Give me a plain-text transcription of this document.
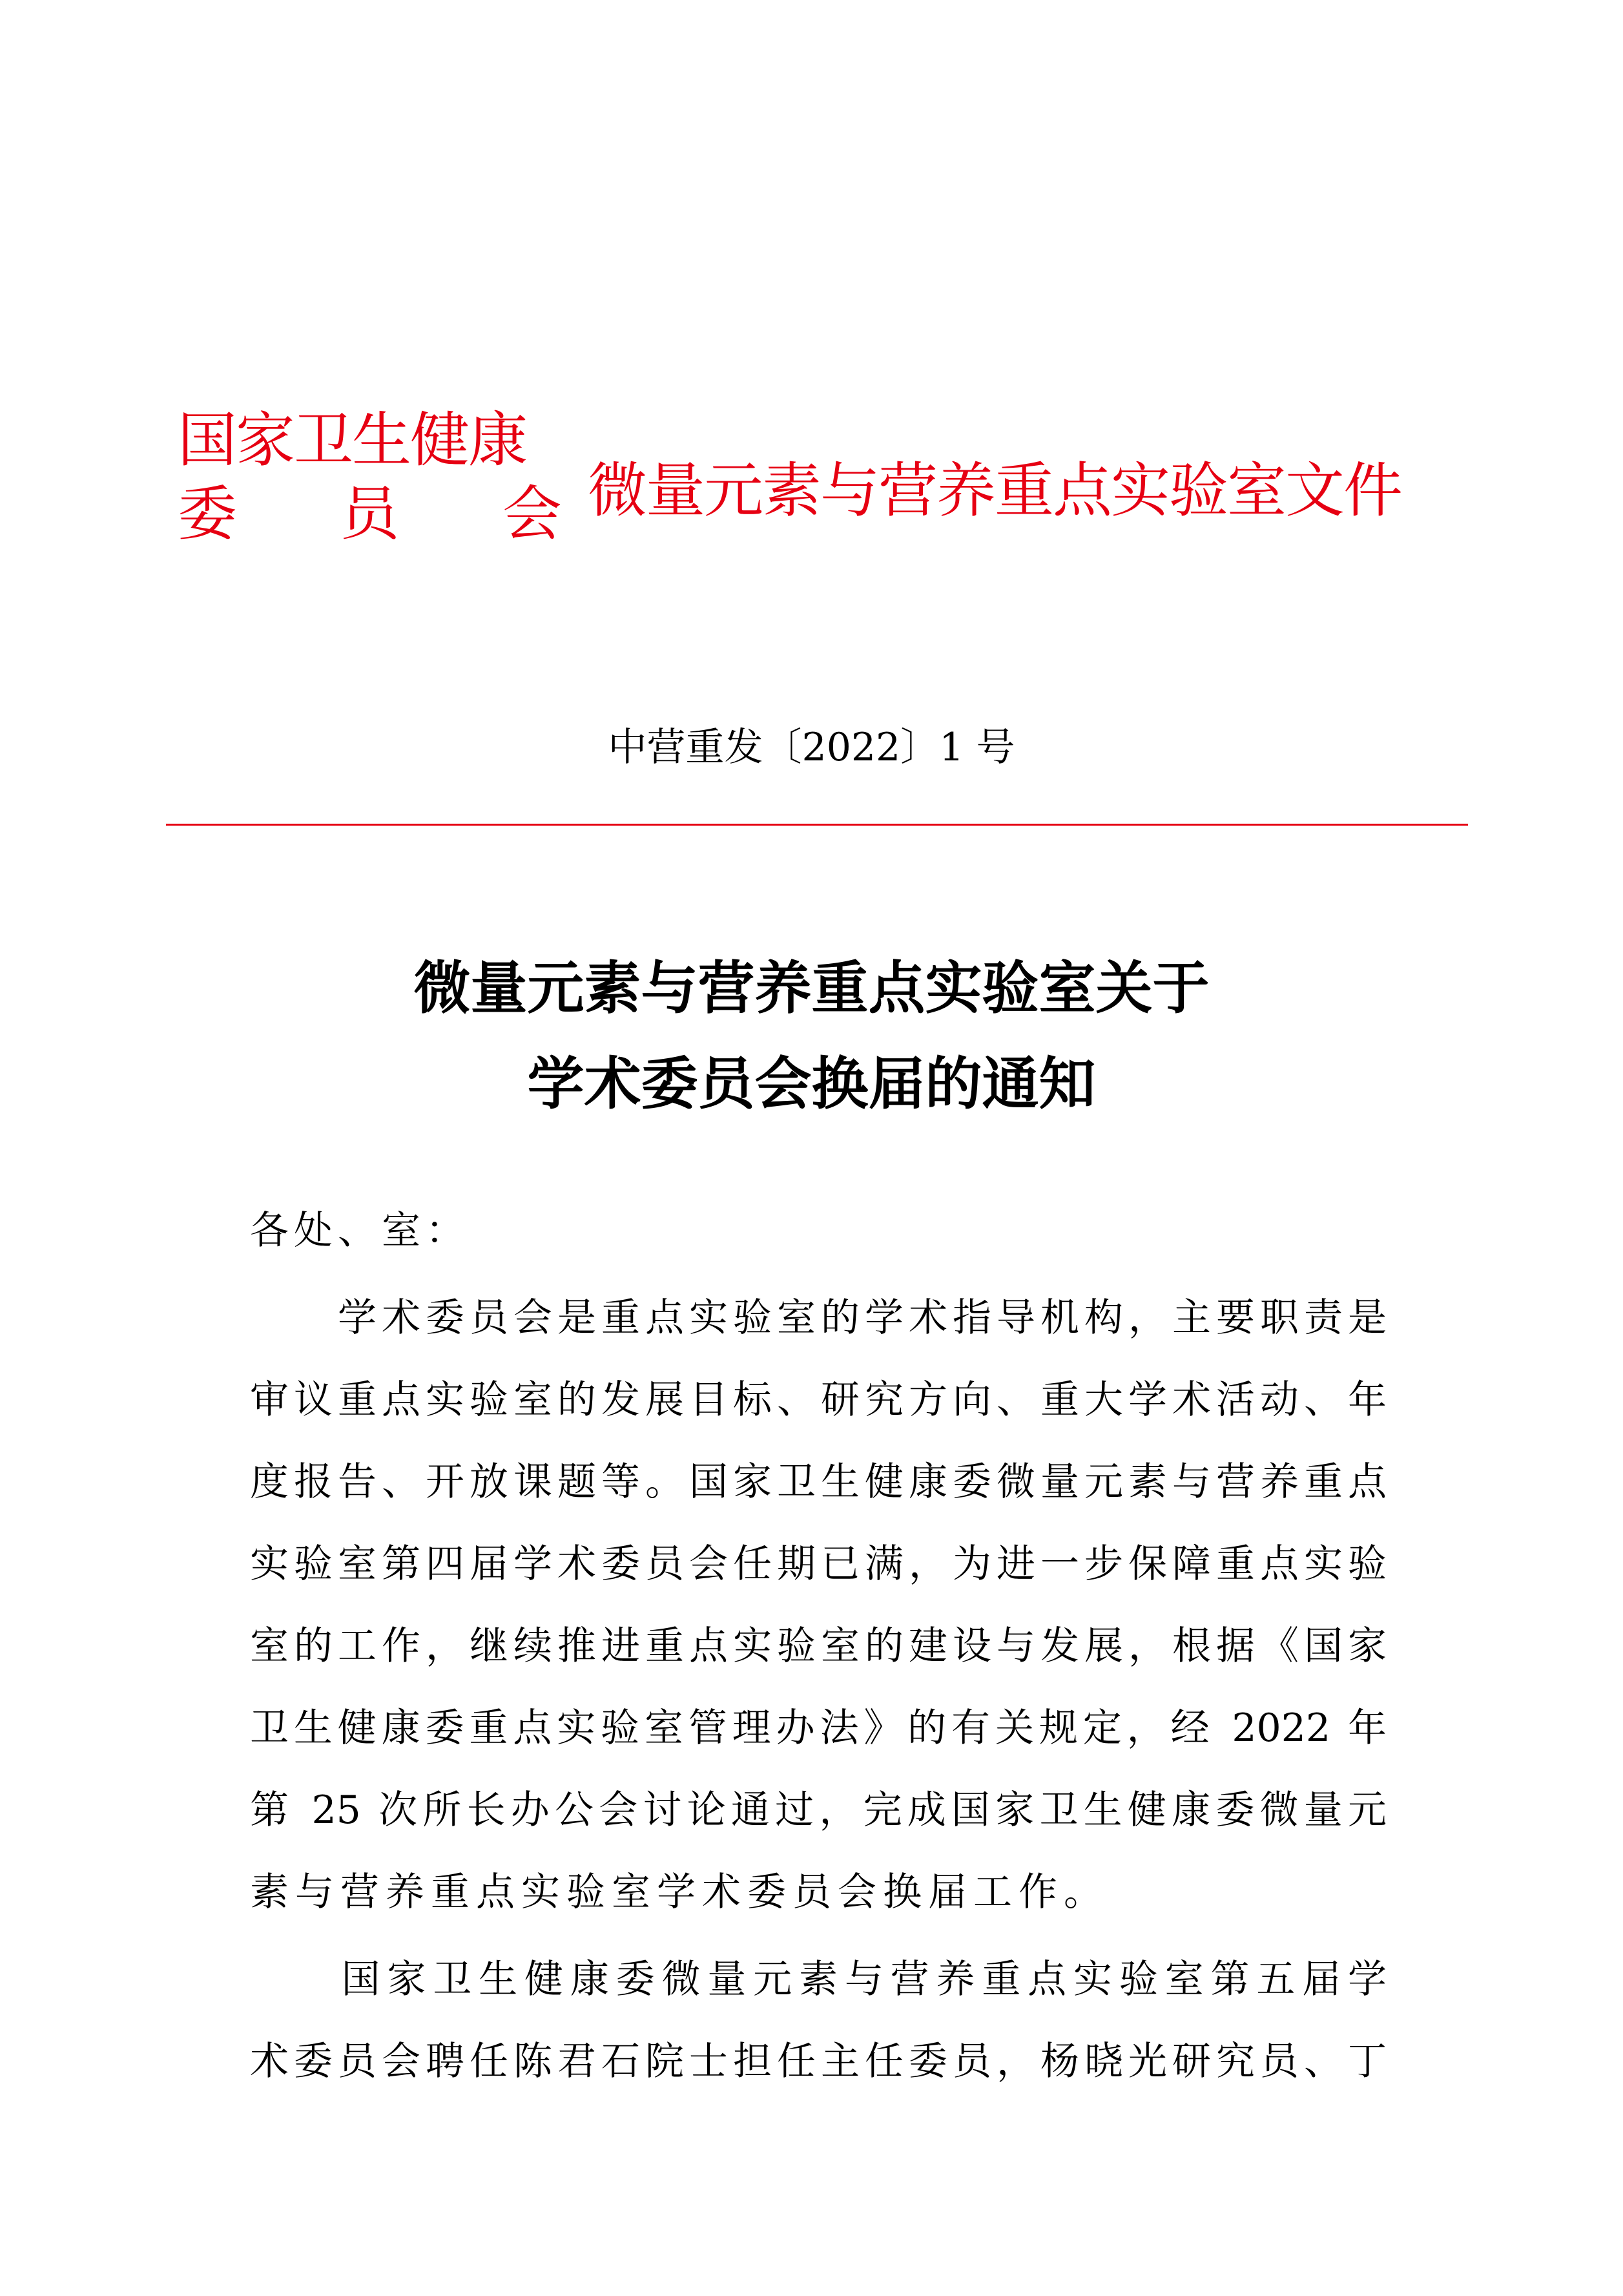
国家卫生健康
委 员 会 微量元素与营养重点实验室文件
中营重发〔2022〕1 号
微量元素与营养重点实验室关于
学术委员会换届的通知
各处、室：
　　学术委员会是重点实验室的学术指导机构，主要职责是
审议重点实验室的发展目标、研究方向、重大学术活动、年
度报告、开放课题等。国家卫生健康委微量元素与营养重点
实验室第四届学术委员会任期已满，为进一步保障重点实验
室的工作，继续推进重点实验室的建设与发展，根据《国家
卫生健康委重点实验室管理办法》的有关规定，经 2022 年
第 25 次所长办公会讨论通过，完成国家卫生健康委微量元
素与营养重点实验室学术委员会换届工作。
　　国家卫生健康委微量元素与营养重点实验室第五届学
术委员会聘任陈君石院士担任主任委员，杨晓光研究员、丁
